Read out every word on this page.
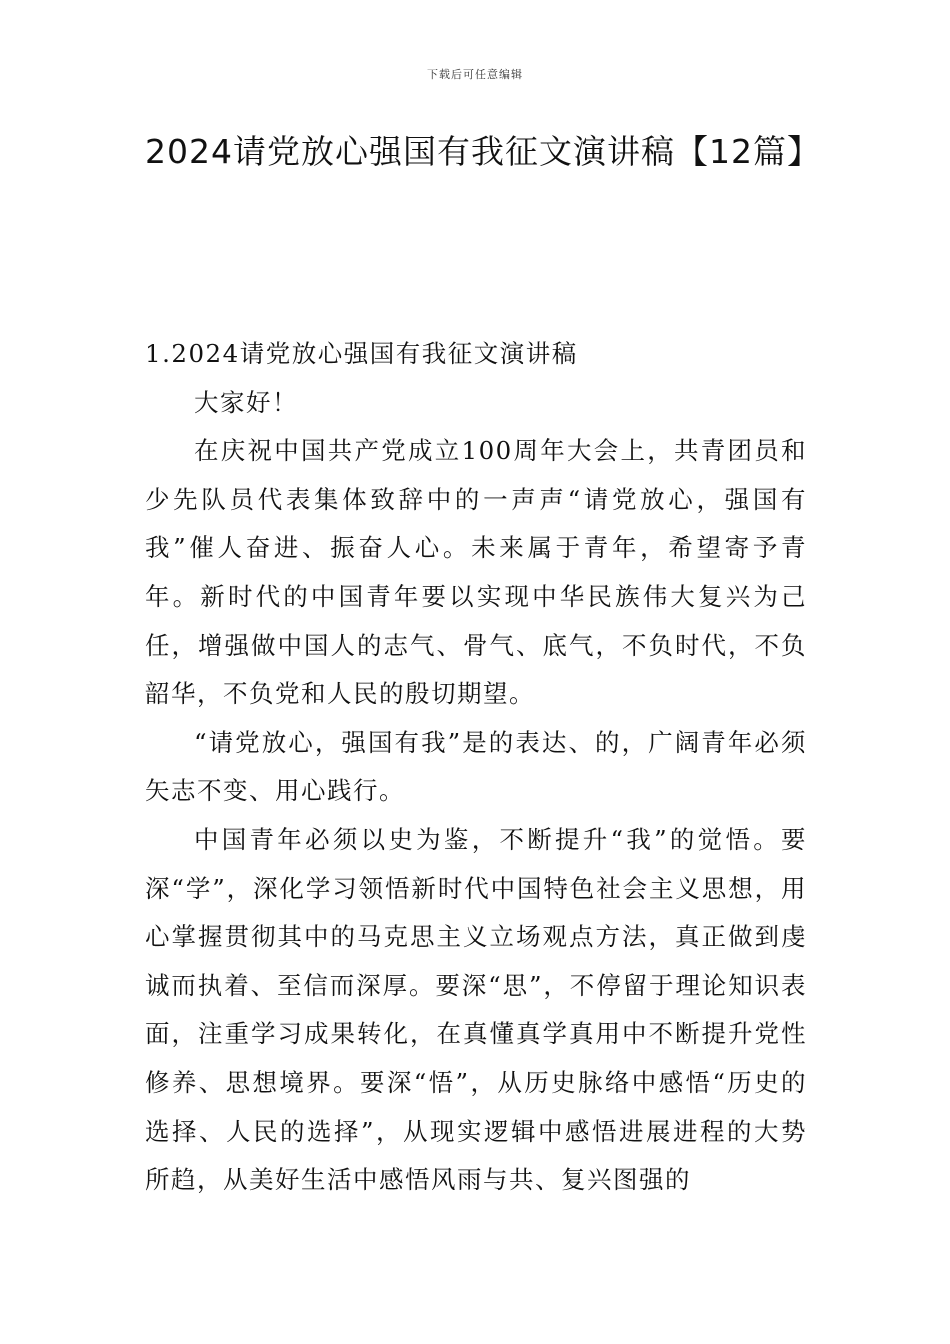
下载后可任意编辑
2024请党放心强国有我征文演讲稿【12篇】

1.2024请党放心强国有我征文演讲稿

大家好！

在庆祝中国共产党成立100周年大会上，共青团员和少先队员代表集体致辞中的一声声“请党放心，强国有我”催人奋进、振奋人心。未来属于青年，希望寄予青年。新时代的中国青年要以实现中华民族伟大复兴为己任，增强做中国人的志气、骨气、底气，不负时代，不负韶华，不负党和人民的殷切期望。

“请党放心，强国有我”是的表达、的，广阔青年必须矢志不变、用心践行。

中国青年必须以史为鉴，不断提升“我”的觉悟。要深“学”，深化学习领悟新时代中国特色社会主义思想，用心掌握贯彻其中的马克思主义立场观点方法，真正做到虔诚而执着、至信而深厚。要深“思”，不停留于理论知识表面，注重学习成果转化，在真懂真学真用中不断提升党性修养、思想境界。要深“悟”，从历史脉络中感悟“历史的选择、人民的选择”，从现实逻辑中感悟进展进程的大势所趋，从美好生活中感悟风雨与共、复兴图强的
